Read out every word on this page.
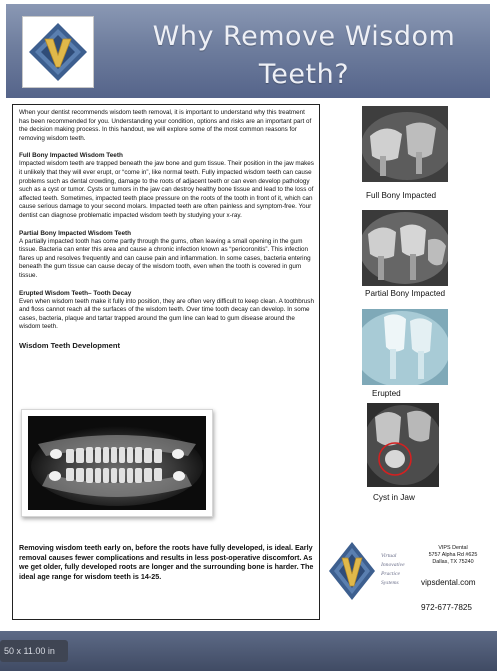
Why Remove Wisdom Teeth?

When your dentist recommends wisdom teeth removal, it is important to understand why this treatment has been recommended for you. Understanding your condition, options and risks are an important part of the decision making process. In this handout, we will explore some of the most common reasons for removing wisdom teeth.

Full Bony Impacted Wisdom Teeth

Impacted wisdom teeth are trapped beneath the jaw bone and gum tissue. Their position in the jaw makes it unlikely that they will ever erupt, or “come in”, like normal teeth. Fully impacted wisdom teeth can cause problems such as dental crowding, damage to the roots of adjacent teeth or can even develop pathology such as a cyst or tumor. Cysts or tumors in the jaw can destroy healthy bone tissue and lead to the loss of affected teeth. Sometimes, impacted teeth place pressure on the roots of the tooth in front of it, which can cause serious damage to your second molars. Impacted teeth are often painless and symptom-free. Your dentist can diagnose problematic impacted wisdom teeth by studying your x-ray.

Partial Bony Impacted Wisdom Teeth

A partially impacted tooth has come partly through the gums, often leaving a small opening in the gum tissue. Bacteria can enter this area and cause a chronic infection known as “pericoronitis”. This infection flares up and resolves frequently and can cause pain and inflammation. In some cases, bacteria entering beneath the gum tissue can cause decay of the wisdom tooth, even when the tooth is covered in gum tissue.

Erupted Wisdom Teeth– Tooth Decay

Even when wisdom teeth make it fully into position, they are often very difficult to keep clean. A toothbrush and floss cannot reach all the surfaces of the wisdom teeth. Over time tooth decay can develop. In some cases, bacteria, plaque and tartar trapped around the gum line can lead to gum disease around the wisdom teeth.

Wisdom Teeth Development

Removing wisdom teeth early on, before the roots have fully developed, is ideal. Early removal causes fewer complications and results in less post-operative discomfort. As we get older, fully developed roots are longer and the surrounding bone is harder. The ideal age range for wisdom teeth is 14-25.

Full Bony Impacted
Partial Bony Impacted
Erupted
Cyst in Jaw
Virtual
Innovative
Practice
Systems
VIPS Dental
5757 Alpha Rd #625
Dallas, TX 75240
vipsdental.com
972-677-7825
50 x 11.00 in
